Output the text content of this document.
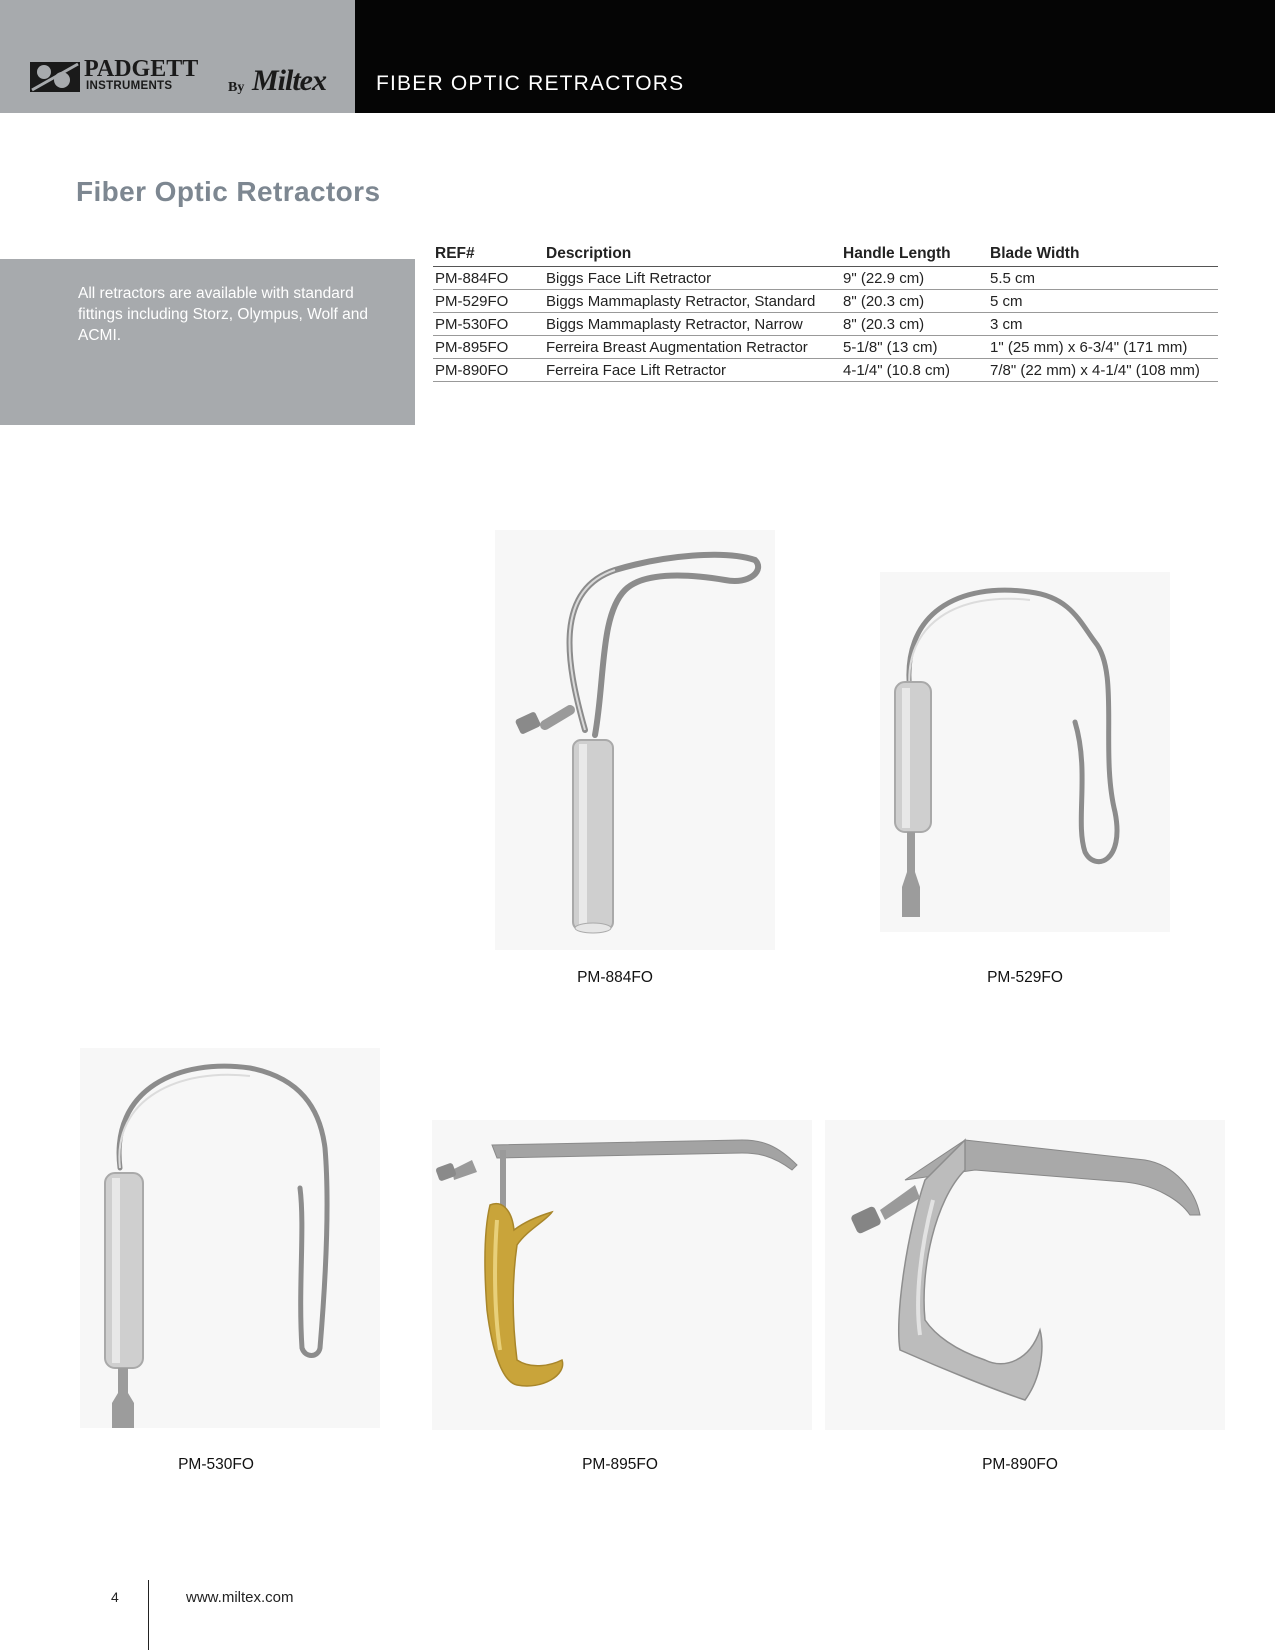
PADGETT
INSTRUMENTS	By Miltex FIBER OPTIC RETRACTORS
Fiber Optic Retractors
All retractors are available with standard fittings including Storz, Olympus, Wolf and ACMI.
REF#	Description	Handle Length	Blade Width
PM-884FO	Biggs Face Lift Retractor	9" (22.9 cm)	5.5 cm
PM-529FO	Biggs Mammaplasty Retractor, Standard	8" (20.3 cm)	5 cm
PM-530FO	Biggs Mammaplasty Retractor, Narrow	8" (20.3 cm)	3 cm
PM-895FO	Ferreira Breast Augmentation Retractor	5-1/8" (13 cm)	1" (25 mm) x 6-3/4" (171 mm)
PM-890FO	Ferreira Face Lift Retractor	4-1/4" (10.8 cm)	7/8" (22 mm) x 4-1/4" (108 mm)
PM-884FO	PM-529FO
PM-530FO	PM-895FO	PM-890FO
4	www.miltex.com
